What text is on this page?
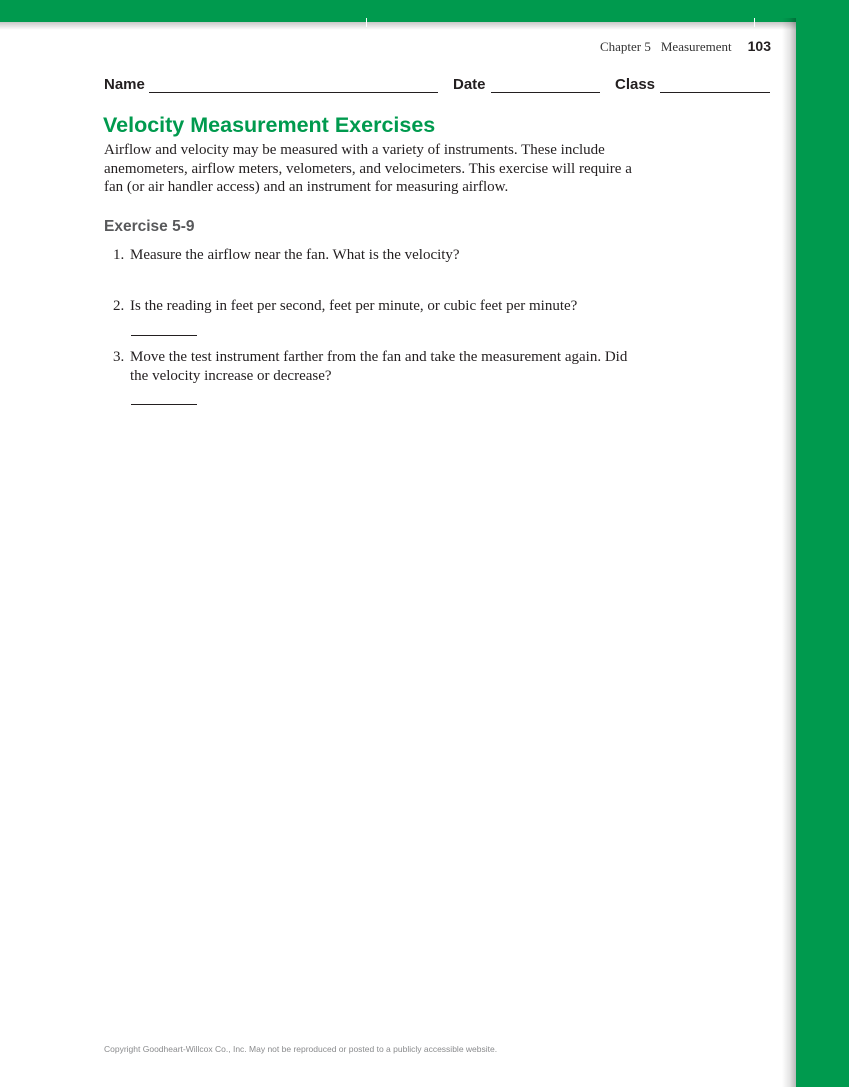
Chapter 5 Measurement 103
Name	Date	Class
Velocity Measurement Exercises

Airflow and velocity may be measured with a variety of instruments. These include anemometers, airflow meters, velometers, and velocimeters. This exercise will require a fan (or air handler access) and an instrument for measuring airflow.

Exercise 5-9
1. Measure the airflow near the fan. What is the velocity?
2. Is the reading in feet per second, feet per minute, or cubic feet per minute?
3. Move the test instrument farther from the fan and take the measurement again. Did the velocity increase or decrease?
Copyright Goodheart-Willcox Co., Inc. May not be reproduced or posted to a publicly accessible website.
